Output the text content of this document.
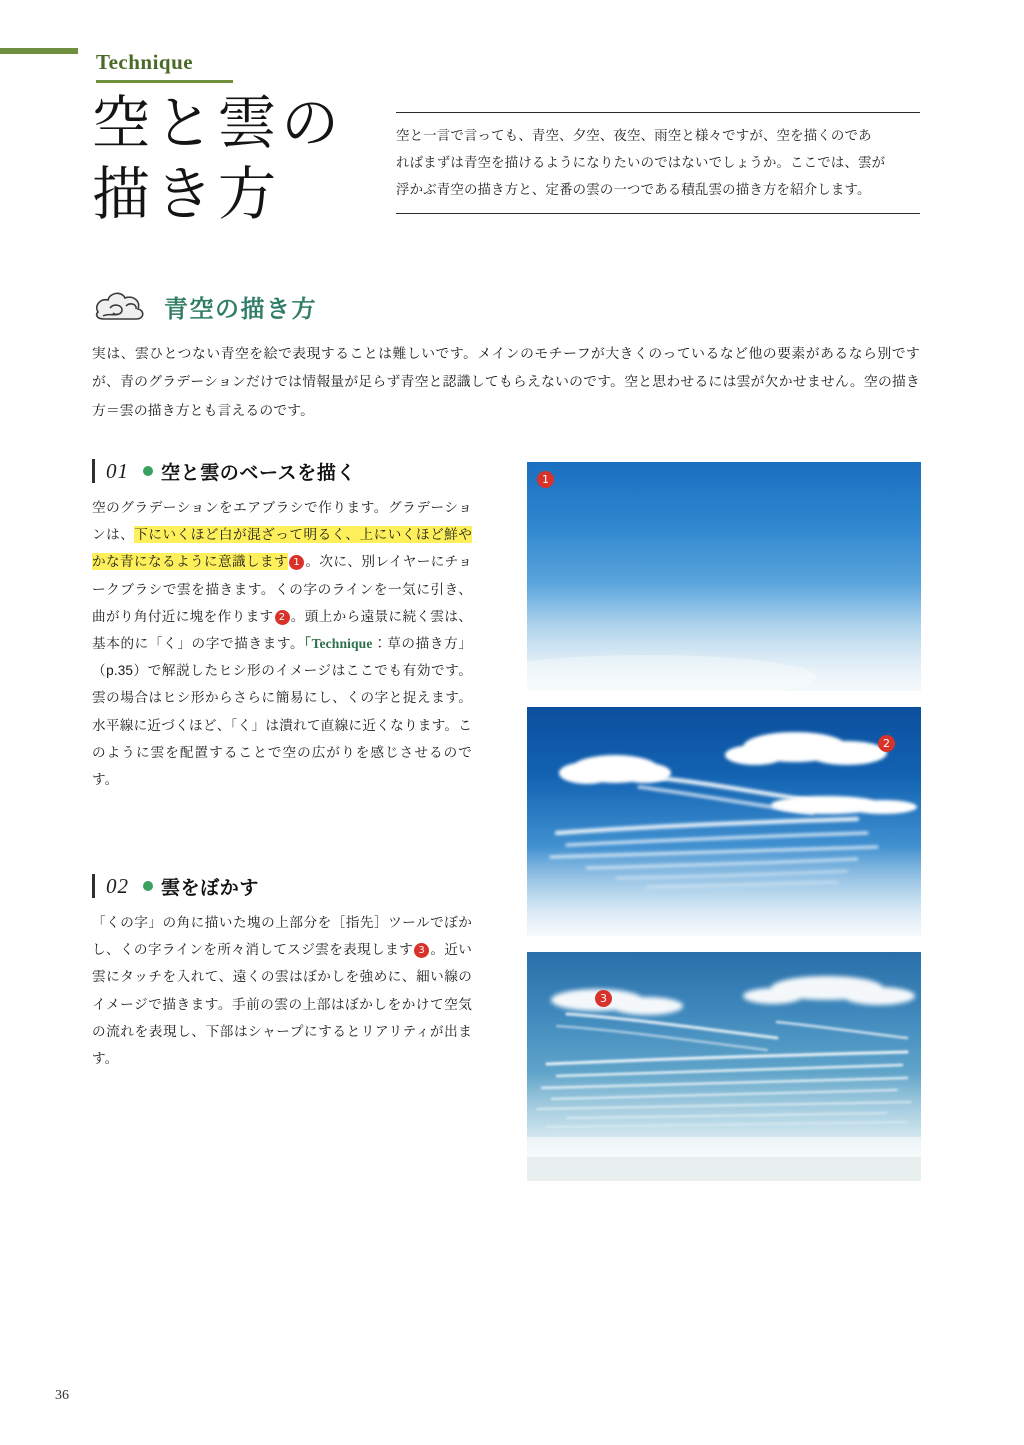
Technique
空と雲の
描き方

空と一言で言っても、青空、夕空、夜空、雨空と様々ですが、空を描くのであ

ればまずは青空を描けるようになりたいのではないでしょうか。ここでは、雲が

浮かぶ青空の描き方と、定番の雲の一つである積乱雲の描き方を紹介します。

青空の描き方
実は、雲ひとつない青空を絵で表現することは難しいです。メインのモチーフが大きくのっているなど他の要素があるなら別ですが、青のグラデーションだけでは情報量が足らず青空と認識してもらえないのです。空と思わせるには雲が欠かせません。空の描き方＝雲の描き方とも言えるのです。
01 空と雲のベースを描く
空のグラデーションをエアブラシで作ります。グラデーションは、下にいくほど白が混ざって明るく、上にいくほど鮮やかな青になるように意識します 1 。次に、別レイヤーにチョークブラシで雲を描きます。くの字のラインを一気に引き、曲がり角付近に塊を作ります 2 。頭上から遠景に続く雲は、基本的に「く」の字で描きます。「Technique：草の描き方」（p.35）で解説したヒシ形のイメージはここでも有効です。雲の場合はヒシ形からさらに簡易にし、くの字と捉えます。水平線に近づくほど、「く」は潰れて直線に近くなります。このように雲を配置することで空の広がりを感じさせるのです。
02 雲をぼかす
「くの字」の角に描いた塊の上部分を［指先］ツールでぼかし、くの字ラインを所々消してスジ雲を表現します 3 。近い雲にタッチを入れて、遠くの雲はぼかしを強めに、細い線のイメージで描きます。手前の雲の上部はぼかしをかけて空気の流れを表現し、下部はシャープにするとリアリティが出ます。
1
2
3
36
